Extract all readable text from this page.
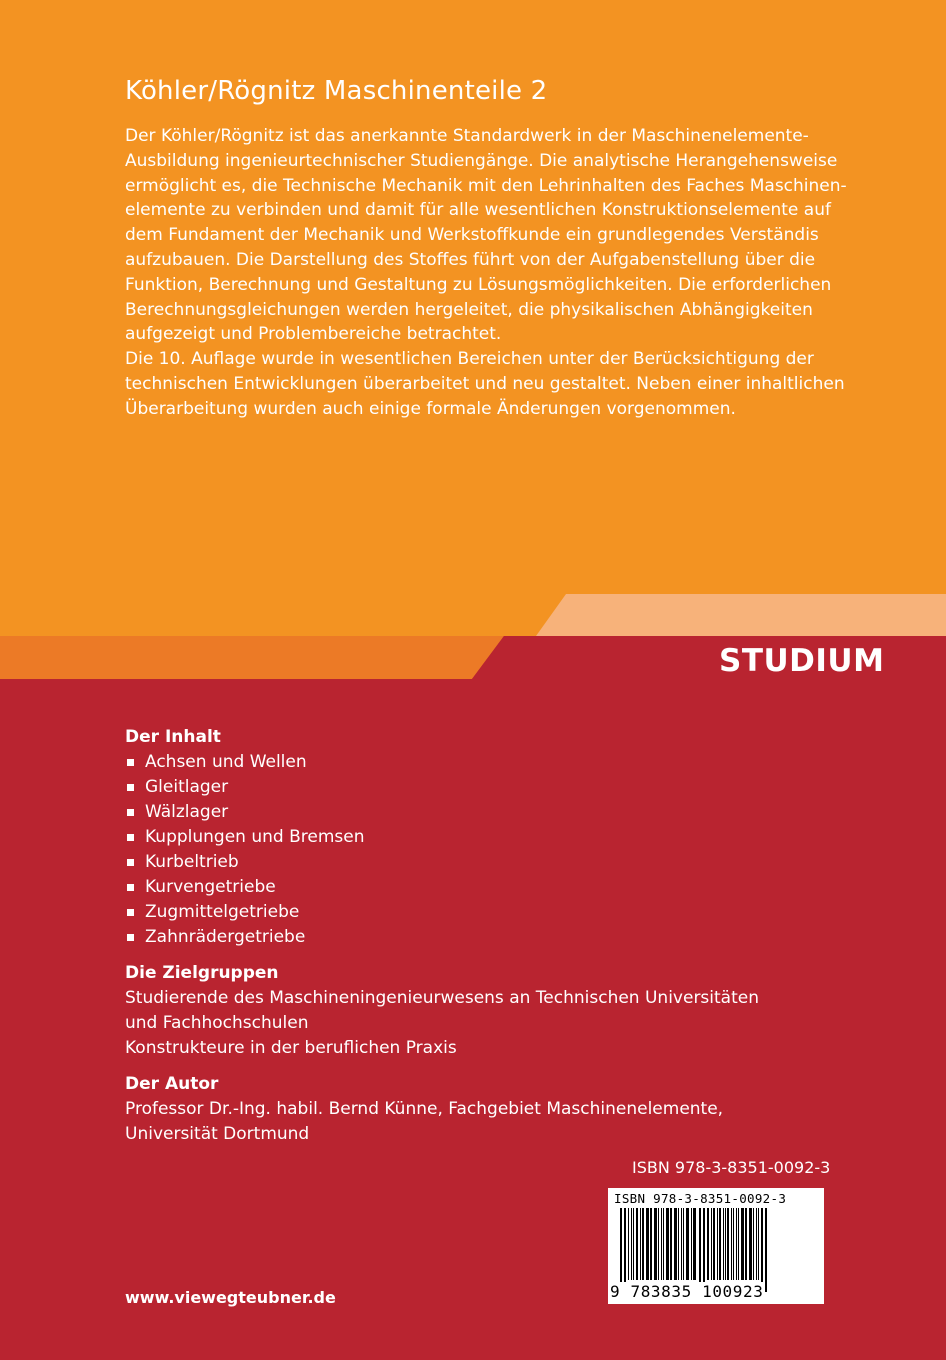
Köhler/Rögnitz Maschinenteile 2
Der Köhler/Rögnitz ist das anerkannte Standardwerk in der Maschinenelemente-
Ausbildung ingenieurtechnischer Studiengänge. Die analytische Herangehensweise
ermöglicht es, die Technische Mechanik mit den Lehrinhalten des Faches Maschinen-
elemente zu verbinden und damit für alle wesentlichen Konstruktionselemente auf
dem Fundament der Mechanik und Werkstoffkunde ein grundlegendes Verständis
aufzubauen. Die Darstellung des Stoffes führt von der Aufgabenstellung über die
Funktion, Berechnung und Gestaltung zu Lösungsmöglichkeiten. Die erforderlichen
Berechnungsgleichungen werden hergeleitet, die physikalischen Abhängigkeiten
aufgezeigt und Problembereiche betrachtet.
Die 10. Auflage wurde in wesentlichen Bereichen unter der Berücksichtigung der
technischen Entwicklungen überarbeitet und neu gestaltet. Neben einer inhaltlichen
Überarbeitung wurden auch einige formale Änderungen vorgenommen.
STUDIUM
Der Inhalt
Achsen und Wellen
Gleitlager
Wälzlager
Kupplungen und Bremsen
Kurbeltrieb
Kurvengetriebe
Zugmittelgetriebe
Zahnrädergetriebe
Die Zielgruppen
Studierende des Maschineningenieurwesens an Technischen Universitäten
und Fachhochschulen
Konstrukteure in der beruflichen Praxis
Der Autor
Professor Dr.-Ing. habil. Bernd Künne, Fachgebiet Maschinenelemente,
Universität Dortmund
ISBN 978-3-8351-0092-3
ISBN 978-3-8351-0092-3
9 783835 100923
www.viewegteubner.de
